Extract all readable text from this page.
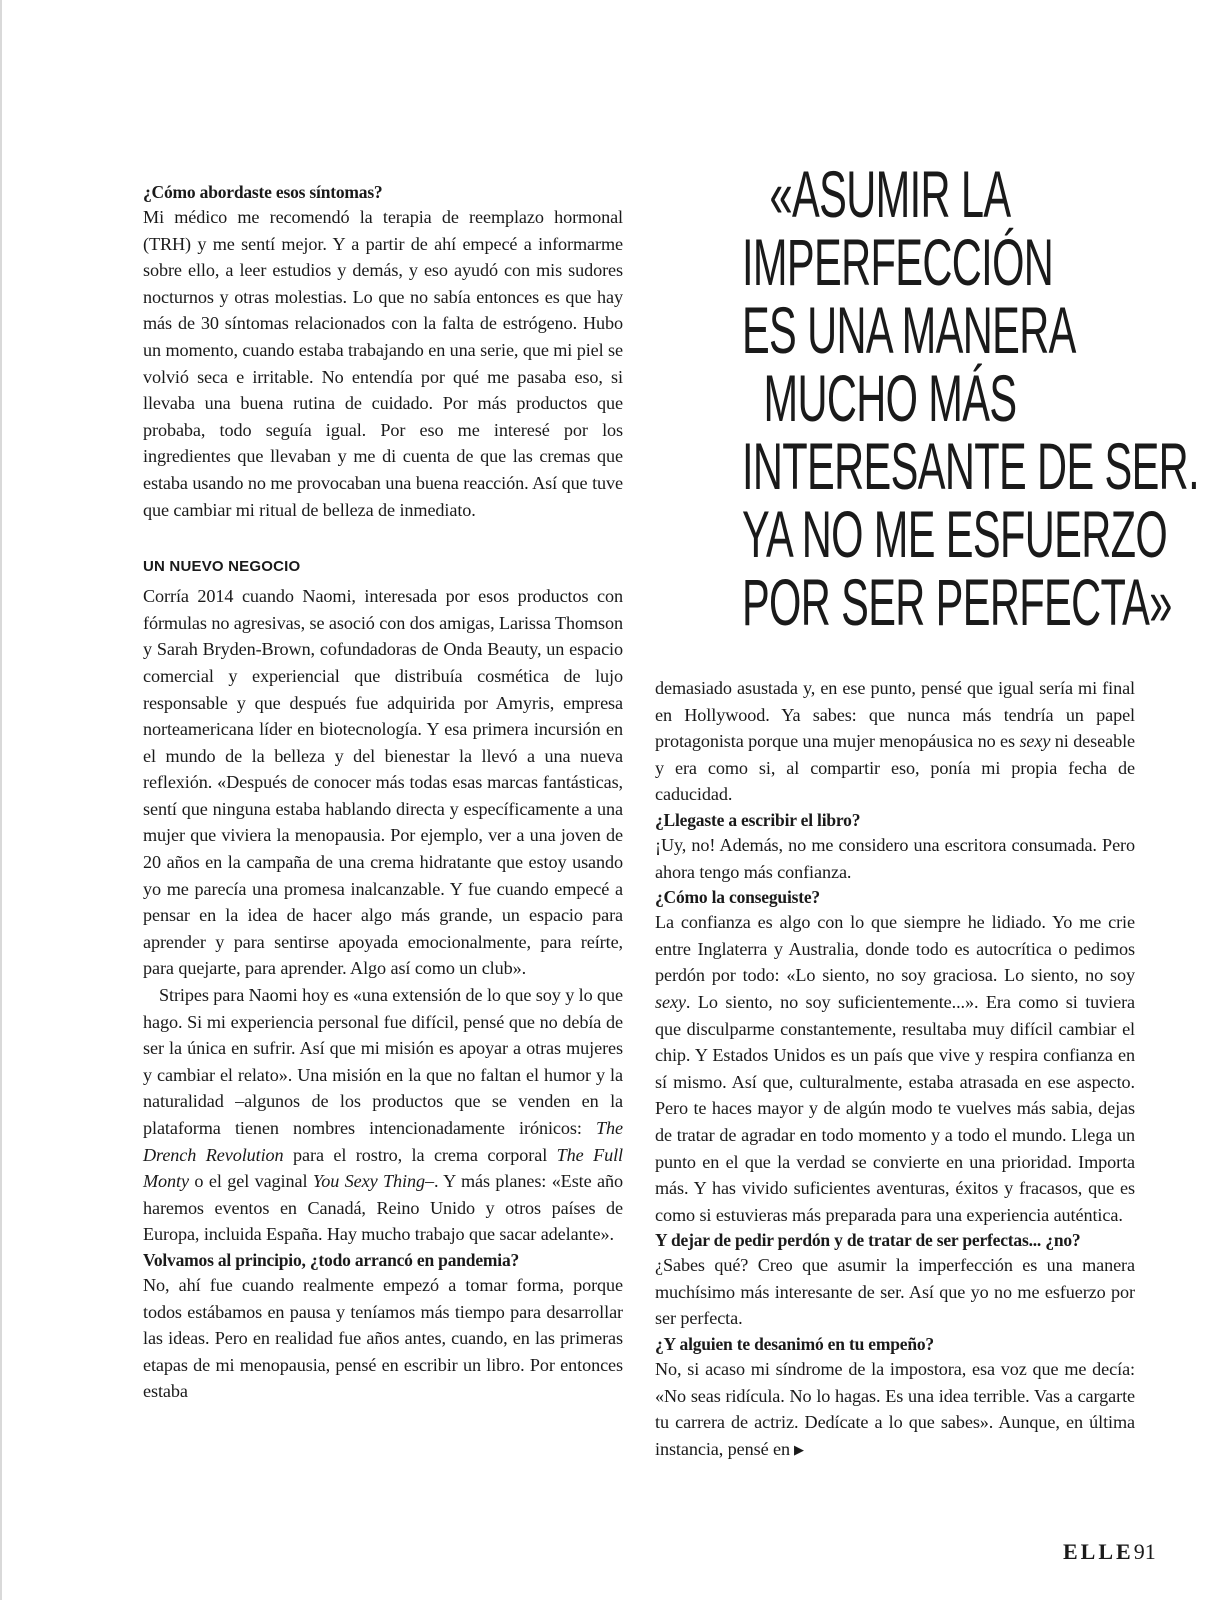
¿Cómo abordaste esos síntomas?

Mi médico me recomendó la terapia de reemplazo hormonal (TRH) y me sentí mejor. Y a partir de ahí empecé a informarme sobre ello, a leer estudios y demás, y eso ayudó con mis sudores nocturnos y otras molestias. Lo que no sabía entonces es que hay más de 30 síntomas relacionados con la falta de estrógeno. Hubo un momento, cuando estaba trabajando en una serie, que mi piel se volvió seca e irritable. No entendía por qué me pasaba eso, si llevaba una buena rutina de cuidado. Por más productos que probaba, todo seguía igual. Por eso me interesé por los ingredientes que llevaban y me di cuenta de que las cremas que estaba usando no me provocaban una buena reacción. Así que tuve que cambiar mi ritual de belleza de inmediato.

UN NUEVO NEGOCIO

Corría 2014 cuando Naomi, interesada por esos productos con fórmulas no agresivas, se asoció con dos amigas, Larissa Thomson y Sarah Bryden-Brown, cofundadoras de Onda Beauty, un espacio comercial y experiencial que distribuía cosmética de lujo responsable y que después fue adquirida por Amyris, empresa norteamericana líder en biotecnología. Y esa primera incursión en el mundo de la belleza y del bienestar la llevó a una nueva reflexión. «Después de conocer más todas esas marcas fantásticas, sentí que ninguna estaba hablando directa y específicamente a una mujer que viviera la menopausia. Por ejemplo, ver a una joven de 20 años en la campaña de una crema hidratante que estoy usando yo me parecía una promesa inalcanzable. Y fue cuando empecé a pensar en la idea de hacer algo más grande, un espacio para aprender y para sentirse apoyada emocionalmente, para reírte, para quejarte, para aprender. Algo así como un club».

Stripes para Naomi hoy es «una extensión de lo que soy y lo que hago. Si mi experiencia personal fue difícil, pensé que no debía de ser la única en sufrir. Así que mi misión es apoyar a otras mujeres y cambiar el relato». Una misión en la que no faltan el humor y la naturalidad –algunos de los productos que se venden en la plataforma tienen nombres intencionadamente irónicos: The Drench Revolution para el rostro, la crema corporal The Full Monty o el gel vaginal You Sexy Thing–. Y más planes: «Este año haremos eventos en Canadá, Reino Unido y otros países de Europa, incluida España. Hay mucho trabajo que sacar adelante».

Volvamos al principio, ¿todo arrancó en pandemia?

No, ahí fue cuando realmente empezó a tomar forma, porque todos estábamos en pausa y teníamos más tiempo para desarrollar las ideas. Pero en realidad fue años antes, cuando, en las primeras etapas de mi menopausia, pensé en escribir un libro. Por entonces estaba

«ASUMIR LA
IMPERFECCIÓN
ES UNA MANERA
MUCHO MÁS
INTERESANTE DE SER.
YA NO ME ESFUERZO
POR SER PERFECTA»

demasiado asustada y, en ese punto, pensé que igual sería mi final en Hollywood. Ya sabes: que nunca más tendría un papel protagonista porque una mujer menopáusica no es sexy ni deseable y era como si, al compartir eso, ponía mi propia fecha de caducidad.

¿Llegaste a escribir el libro?

¡Uy, no! Además, no me considero una escritora consumada. Pero ahora tengo más confianza.

¿Cómo la conseguiste?

La confianza es algo con lo que siempre he lidiado. Yo me crie entre Inglaterra y Australia, donde todo es autocrítica o pedimos perdón por todo: «Lo siento, no soy graciosa. Lo siento, no soy sexy. Lo siento, no soy suficientemente...». Era como si tuviera que disculparme constantemente, resultaba muy difícil cambiar el chip. Y Estados Unidos es un país que vive y respira confianza en sí mismo. Así que, culturalmente, estaba atrasada en ese aspecto. Pero te haces mayor y de algún modo te vuelves más sabia, dejas de tratar de agradar en todo momento y a todo el mundo. Llega un punto en el que la verdad se convierte en una prioridad. Importa más. Y has vivido suficientes aventuras, éxitos y fracasos, que es como si estuvieras más preparada para una experiencia auténtica.

Y dejar de pedir perdón y de tratar de ser perfectas... ¿no?

¿Sabes qué? Creo que asumir la imperfección es una manera muchísimo más interesante de ser. Así que yo no me esfuerzo por ser perfecta.

¿Y alguien te desanimó en tu empeño?

No, si acaso mi síndrome de la impostora, esa voz que me decía: «No seas ridícula. No lo hagas. Es una idea terrible. Vas a cargarte tu carrera de actriz. Dedícate a lo que sabes». Aunque, en última instancia, pensé en ▶

ELLE91
